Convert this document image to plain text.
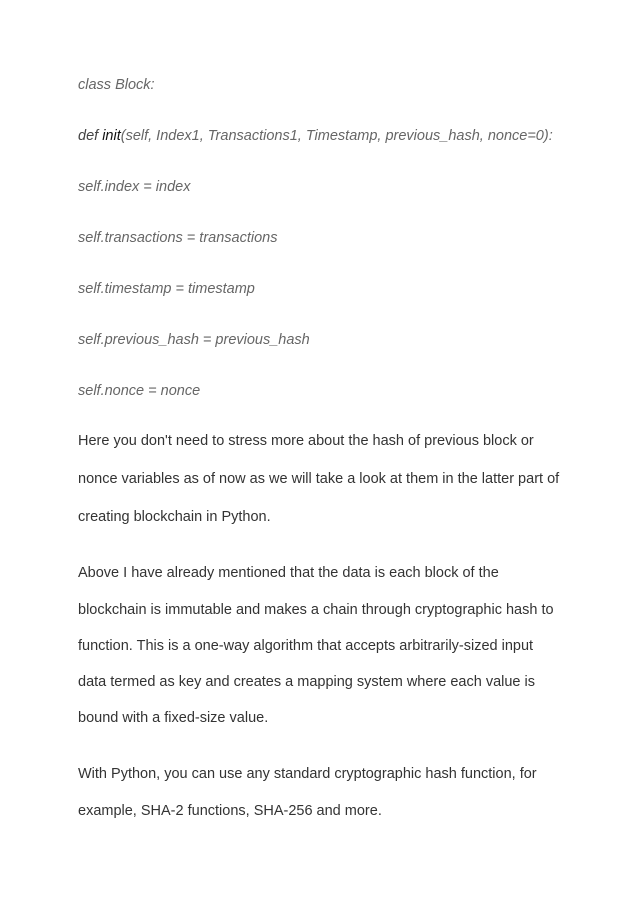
class Block:

def init(self, Index1, Transactions1, Timestamp, previous_hash, nonce=0):

self.index = index

self.transactions = transactions

self.timestamp = timestamp

self.previous_hash = previous_hash

self.nonce = nonce

Here you don't need to stress more about the hash of previous block or

nonce variables as of now as we will take a look at them in the latter part of

creating blockchain in Python.

Above I have already mentioned that the data is each block of the

blockchain is immutable and makes a chain through cryptographic hash to

function. This is a one-way algorithm that accepts arbitrarily-sized input

data termed as key and creates a mapping system where each value is

bound with a fixed-size value.

With Python, you can use any standard cryptographic hash function, for

example, SHA-2 functions, SHA-256 and more.
